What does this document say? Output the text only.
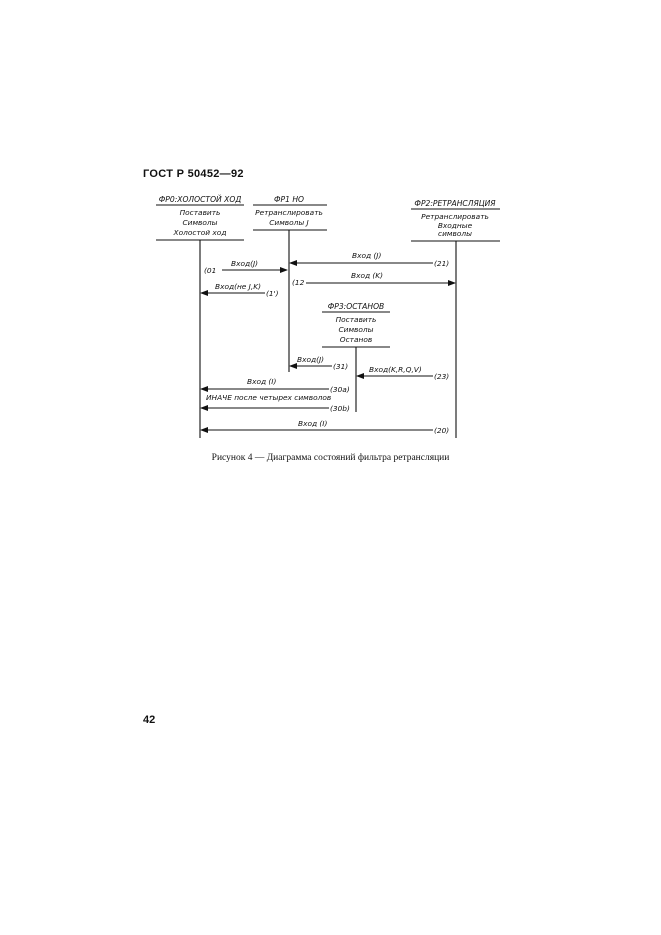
ГОСТ Р 50452—92
ФР0:ХОЛОСТОЙ ХОД
Поставить
Символы
Холостой ход
ФР1 НО
Ретранслировать
Символы J
ФР2:РЕТРАНСЛЯЦИЯ
Ретранслировать
Входные
символы
ФР3:ОСТАНОВ
Поставить
Символы
Останов
Вход (J)
(21)
Вход(J)
(01
Вход (K)
(12
Вход(не J,K)
(1')
Вход(J)
(31)	Вход(K,R,Q,V)
(23)
Вход (I)
(30a)
ИНАЧЕ после четырех символов
(30b)
Вход (I)
(20)
Рисунок 4 — Диаграмма состояний фильтра ретрансляции
42
